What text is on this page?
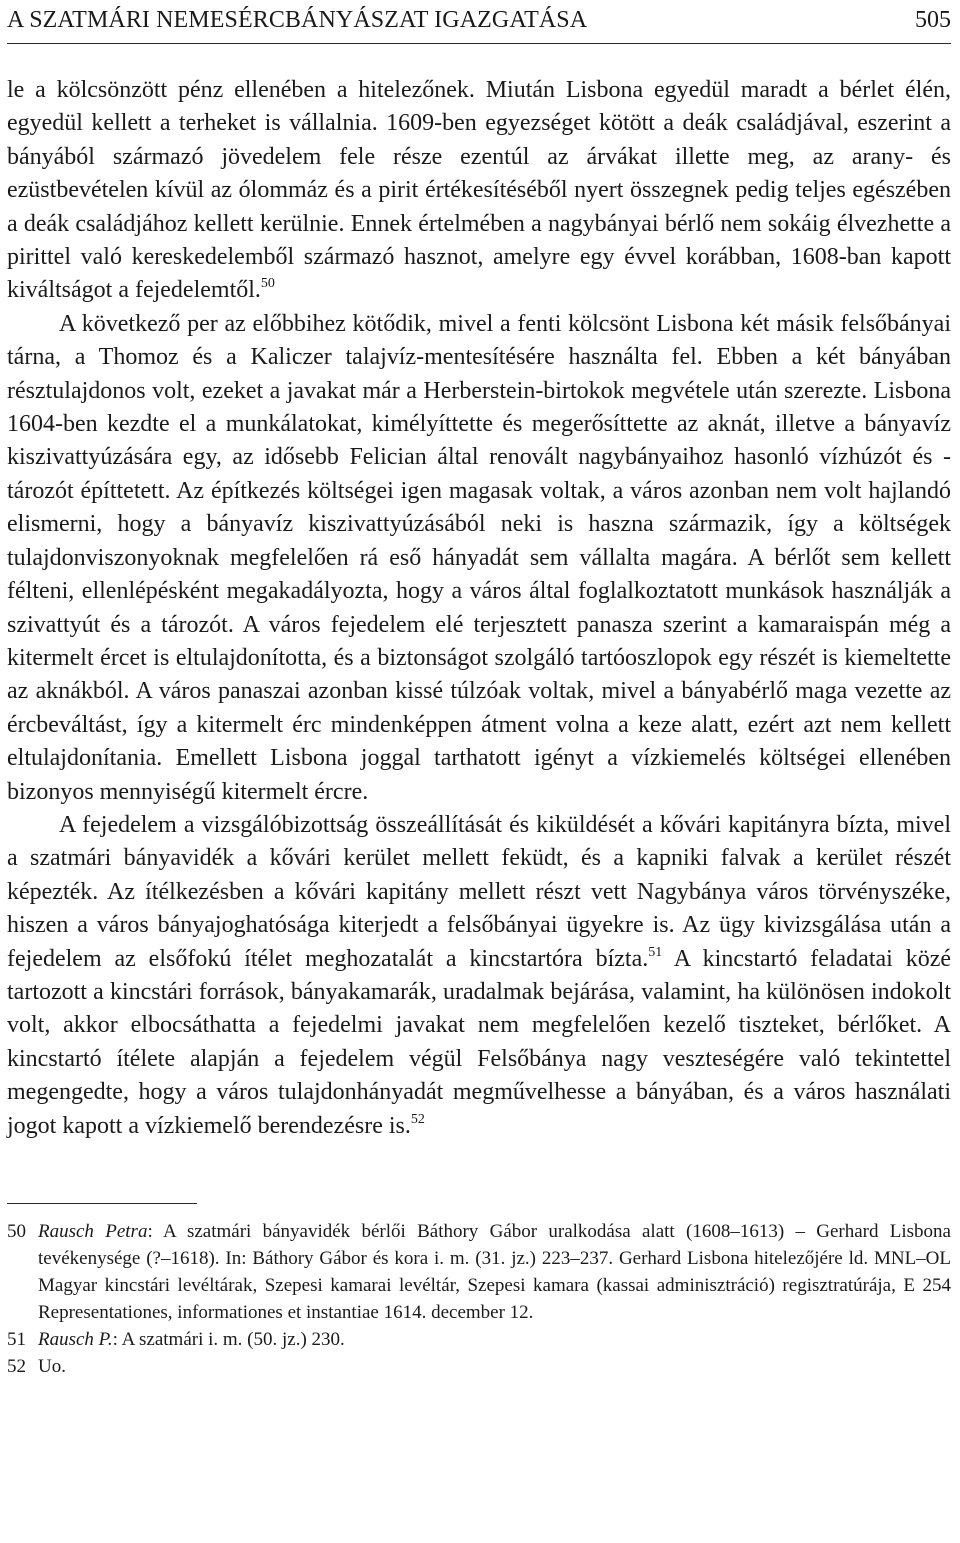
A SZATMÁRI NEMESÉRCBÁNYÁSZAT IGAZGATÁSA	505

le a kölcsönzött pénz ellenében a hitelezőnek. Miután Lisbona egyedül maradt a bérlet élén, egyedül kellett a terheket is vállalnia. 1609-ben egyezséget kötött a deák családjával, eszerint a bányából származó jövedelem fele része ezentúl az árvákat illette meg, az arany- és ezüstbevételen kívül az ólommáz és a pirit értékesítéséből nyert összegnek pedig teljes egészében a deák családjához kellett kerülnie. Ennek értelmében a nagybányai bérlő nem sokáig élvezhette a pirittel való kereskedelemből származó hasznot, amelyre egy évvel korábban, 1608-ban kapott kiváltságot a fejedelemtől.$^{50}$

A következő per az előbbihez kötődik, mivel a fenti kölcsönt Lisbona két másik felsőbányai tárna, a Thomoz és a Kaliczer talajvíz-mentesítésére használta fel. Ebben a két bányában résztulajdonos volt, ezeket a javakat már a Herberstein-birtokok megvétele után szerezte. Lisbona 1604-ben kezdte el a munkálatokat, kimélyíttette és megerősíttette az aknát, illetve a bányavíz kiszivattyúzására egy, az idősebb Felician által renovált nagybányaihoz hasonló vízhúzót és -tározót építtetett. Az építkezés költségei igen magasak voltak, a város azonban nem volt hajlandó elismerni, hogy a bányavíz kiszivattyúzásából neki is haszna származik, így a költségek tulajdonviszonyoknak megfelelően rá eső hányadát sem vállalta magára. A bérlőt sem kellett félteni, ellenlépésként megakadályozta, hogy a város által foglalkoztatott munkások használják a szivattyút és a tározót. A város fejedelem elé terjesztett panasza szerint a kamaraispán még a kitermelt ércet is eltulajdonította, és a biztonságot szolgáló tartóoszlopok egy részét is kiemeltette az aknákból. A város panaszai azonban kissé túlzóak voltak, mivel a bányabérlő maga vezette az ércbeváltást, így a kitermelt érc mindenképpen átment volna a keze alatt, ezért azt nem kellett eltulajdonítania. Emellett Lisbona joggal tarthatott igényt a vízkiemelés költségei ellenében bizonyos mennyiségű kitermelt ércre.

A fejedelem a vizsgálóbizottság összeállítását és kiküldését a kővári kapitányra bízta, mivel a szatmári bányavidék a kővári kerület mellett feküdt, és a kapniki falvak a kerület részét képezték. Az ítélkezésben a kővári kapitány mellett részt vett Nagybánya város törvényszéke, hiszen a város bányajoghatósága kiterjedt a felsőbányai ügyekre is. Az ügy kivizsgálása után a fejedelem az elsőfokú ítélet meghozatalát a kincstartóra bízta.$^{51}$ A kincstartó feladatai közé tartozott a kincstári források, bányakamarák, uradalmak bejárása, valamint, ha különösen indokolt volt, akkor elbocsáthatta a fejedelmi javakat nem megfelelően kezelő tiszteket, bérlőket. A kincstartó ítélete alapján a fejedelem végül Felsőbánya nagy veszteségére való tekintettel megengedte, hogy a város tulajdonhányadát megművelhesse a bányában, és a város használati jogot kapott a vízkiemelő berendezésre is.$^{52}$

50 Rausch Petra: A szatmári bányavidék bérlői Báthory Gábor uralkodása alatt (1608–1613) – Gerhard Lisbona tevékenysége (?–1618). In: Báthory Gábor és kora i. m. (31. jz.) 223–237. Gerhard Lisbona hitelezőjére ld. MNL–OL Magyar kincstári levéltárak, Szepesi kamarai levéltár, Szepesi kamara (kassai adminisztráció) regisztratúrája, E 254 Representationes, informationes et instantiae 1614. december 12.

51 Rausch P.: A szatmári i. m. (50. jz.) 230.

52 Uo.
